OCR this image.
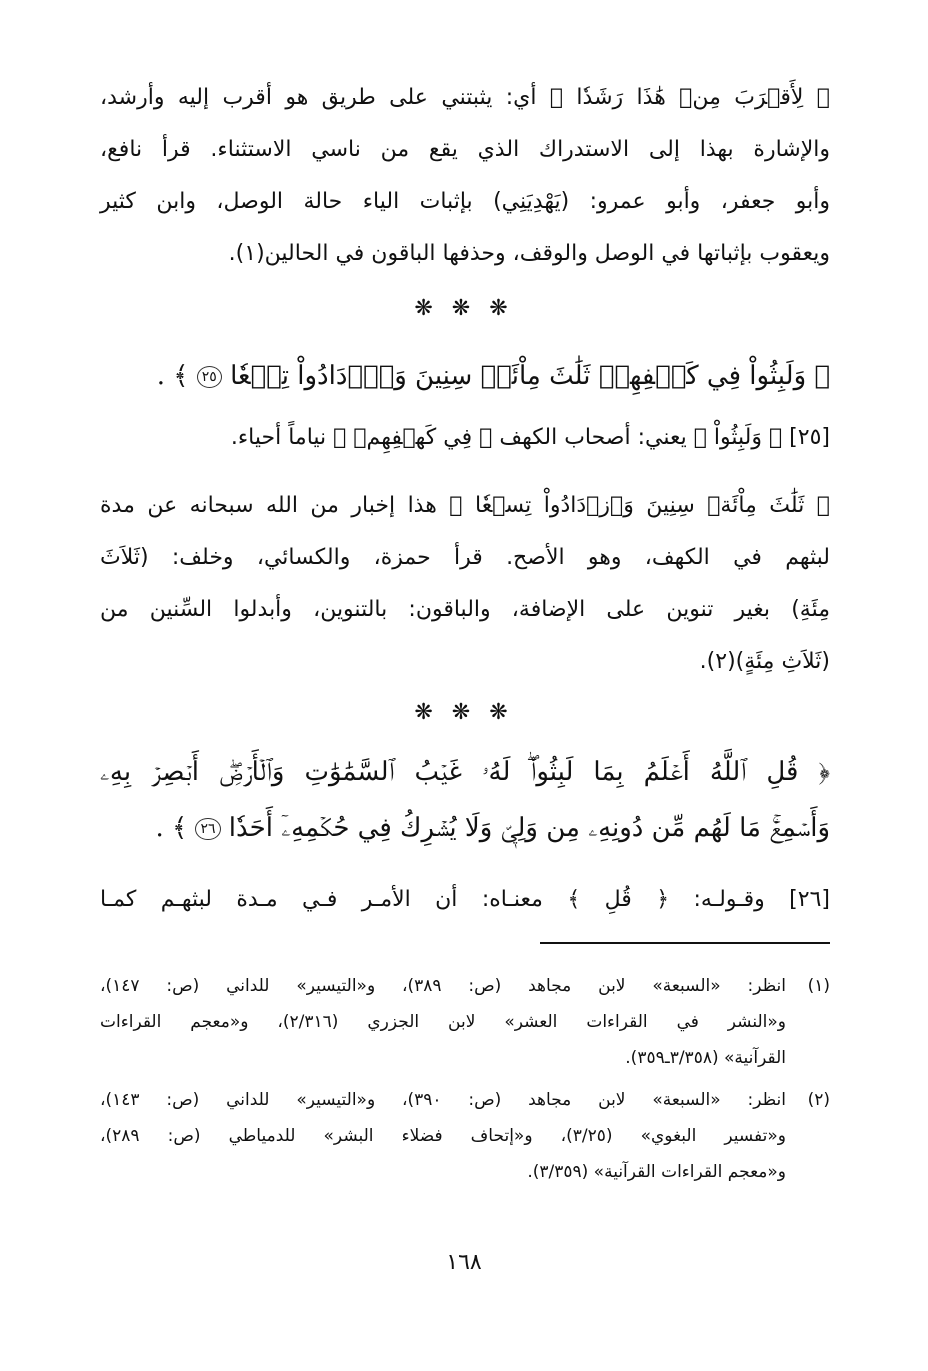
﴿ لِأَقۡرَبَ مِنۡ هَٰذَا رَشَدٗا ﴾ أي: يثبتني على طريق هو أقرب إليه وأرشد،
والإشارة بهذا إلى الاستدراك الذي يقع من ناسي الاستثناء. قرأ نافع،
وأبو جعفر، وأبو عمرو: (يَهْدِيَنِي) بإثبات الياء حالة الوصل، وابن كثير
ويعقوب بإثباتها في الوصل والوقف، وحذفها الباقون في الحالين(١).
❋ ❋ ❋
﴿ وَلَبِثُواْ فِي كَهۡفِهِمۡ ثَلَٰثَ مِاْئَةٖ سِنِينَ وَٱزۡدَادُواْ تِسۡعٗا ٢٥ ﴾ .
[٢٥] ﴿ وَلَبِثُواْ ﴾ يعني: أصحاب الكهف ﴿ فِي كَهۡفِهِمۡ ﴾ نياماً أحياء.
﴿ ثَلَٰثَ مِاْئَةٖ سِنِينَ وَٱزۡدَادُواْ تِسۡعٗا ﴾ هذا إخبار من الله سبحانه عن مدة
لبثهم في الكهف، وهو الأصح. قرأ حمزة، والكسائي، وخلف: (ثَلاَثَ
مِئَةِ) بغير تنوين على الإضافة، والباقون: بالتنوين، وأبدلوا السِّنين من
(ثَلاَثِ مِئَةٍ)(٢).
❋ ❋ ❋
﴿ قُلِ ٱللَّهُ أَعۡلَمُ بِمَا لَبِثُواْۖ لَهُۥ غَيۡبُ ٱلسَّمَٰوَٰتِ وَٱلۡأَرۡضِۖ أَبۡصِرۡ بِهِۦ
وَأَسۡمِعۡۚ مَا لَهُم مِّن دُونِهِۦ مِن وَلِيّٖ وَلَا يُشۡرِكُ فِي حُكۡمِهِۦٓ أَحَدٗا ٢٦ ﴾ .
[٢٦] وقـولـه: ﴿ قُلِ ﴾ معنـاه: أن الأمـر فـي مـدة لبثهـم كمـا
(١)
انظر: «السبعة» لابن مجاهد (ص: ٣٨٩)، و«التيسير» للداني (ص: ١٤٧)،
و«النشر في القراءات العشر» لابن الجزري (٢/٣١٦)، و«معجم القراءات
القرآنية» (٣/٣٥٨ـ٣٥٩).
(٢)
انظر: «السبعة» لابن مجاهد (ص: ٣٩٠)، و«التيسير» للداني (ص: ١٤٣)،
و«تفسير البغوي» (٣/٢٥)، و«إتحاف فضلاء البشر» للدمياطي (ص: ٢٨٩)،
و«معجم القراءات القرآنية» (٣/٣٥٩).
١٦٨
